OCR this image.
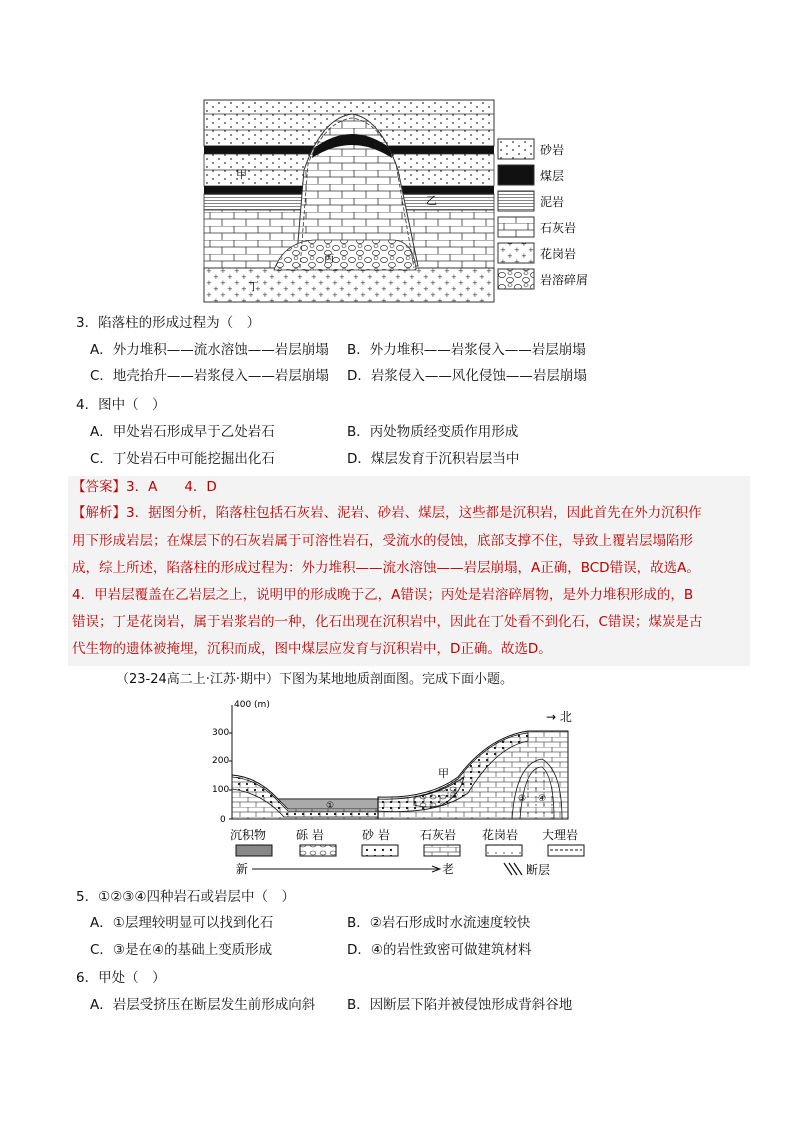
甲
乙
丙
丁
砂岩
煤层
泥岩
石灰岩
花岗岩
岩溶碎屑
3．陷落柱的形成过程为（　）
A．外力堆积——流水溶蚀——岩层崩塌 B．外力堆积——岩浆侵入——岩层崩塌
C．地壳抬升——岩浆侵入——岩层崩塌 D．岩浆侵入——风化侵蚀——岩层崩塌
4．图中（　）
A．甲处岩石形成早于乙处岩石	B．丙处物质经变质作用形成
C．丁处岩石中可能挖掘出化石	D．煤层发育于沉积岩层当中
【答案】3．A　　4．D
【解析】3．据图分析，陷落柱包括石灰岩、泥岩、砂岩、煤层，这些都是沉积岩，因此首先在外力沉积作
用下形成岩层；在煤层下的石灰岩属于可溶性岩石，受流水的侵蚀，底部支撑不住，导致上覆岩层塌陷形
成，综上所述，陷落柱的形成过程为：外力堆积——流水溶蚀——岩层崩塌，A正确，BCD错误，故选A。
4．甲岩层覆盖在乙岩层之上，说明甲的形成晚于乙，A错误；丙处是岩溶碎屑物，是外力堆积形成的，B
错误；丁是花岗岩，属于岩浆岩的一种，化石出现在沉积岩中，因此在丁处看不到化石，C错误；煤炭是古
代生物的遗体被掩埋，沉积而成，图中煤层应发育与沉积岩中，D正确。故选D。
（23-24高二上·江苏·期中）下图为某地地质剖面图。完成下面小题。
400 (m)
300
200
100
0
①
②	③ ④
甲
→ 北
沉积物 砾 岩	砂 岩	石灰岩 花岗岩 大理岩
新	老	断层
5．①②③④四种岩石或岩层中（　）
A．①层理较明显可以找到化石	B．②岩石形成时水流速度较快
C．③是在④的基础上变质形成	D．④的岩性致密可做建筑材料
6．甲处（　）
A．岩层受挤压在断层发生前形成向斜 B．因断层下陷并被侵蚀形成背斜谷地
